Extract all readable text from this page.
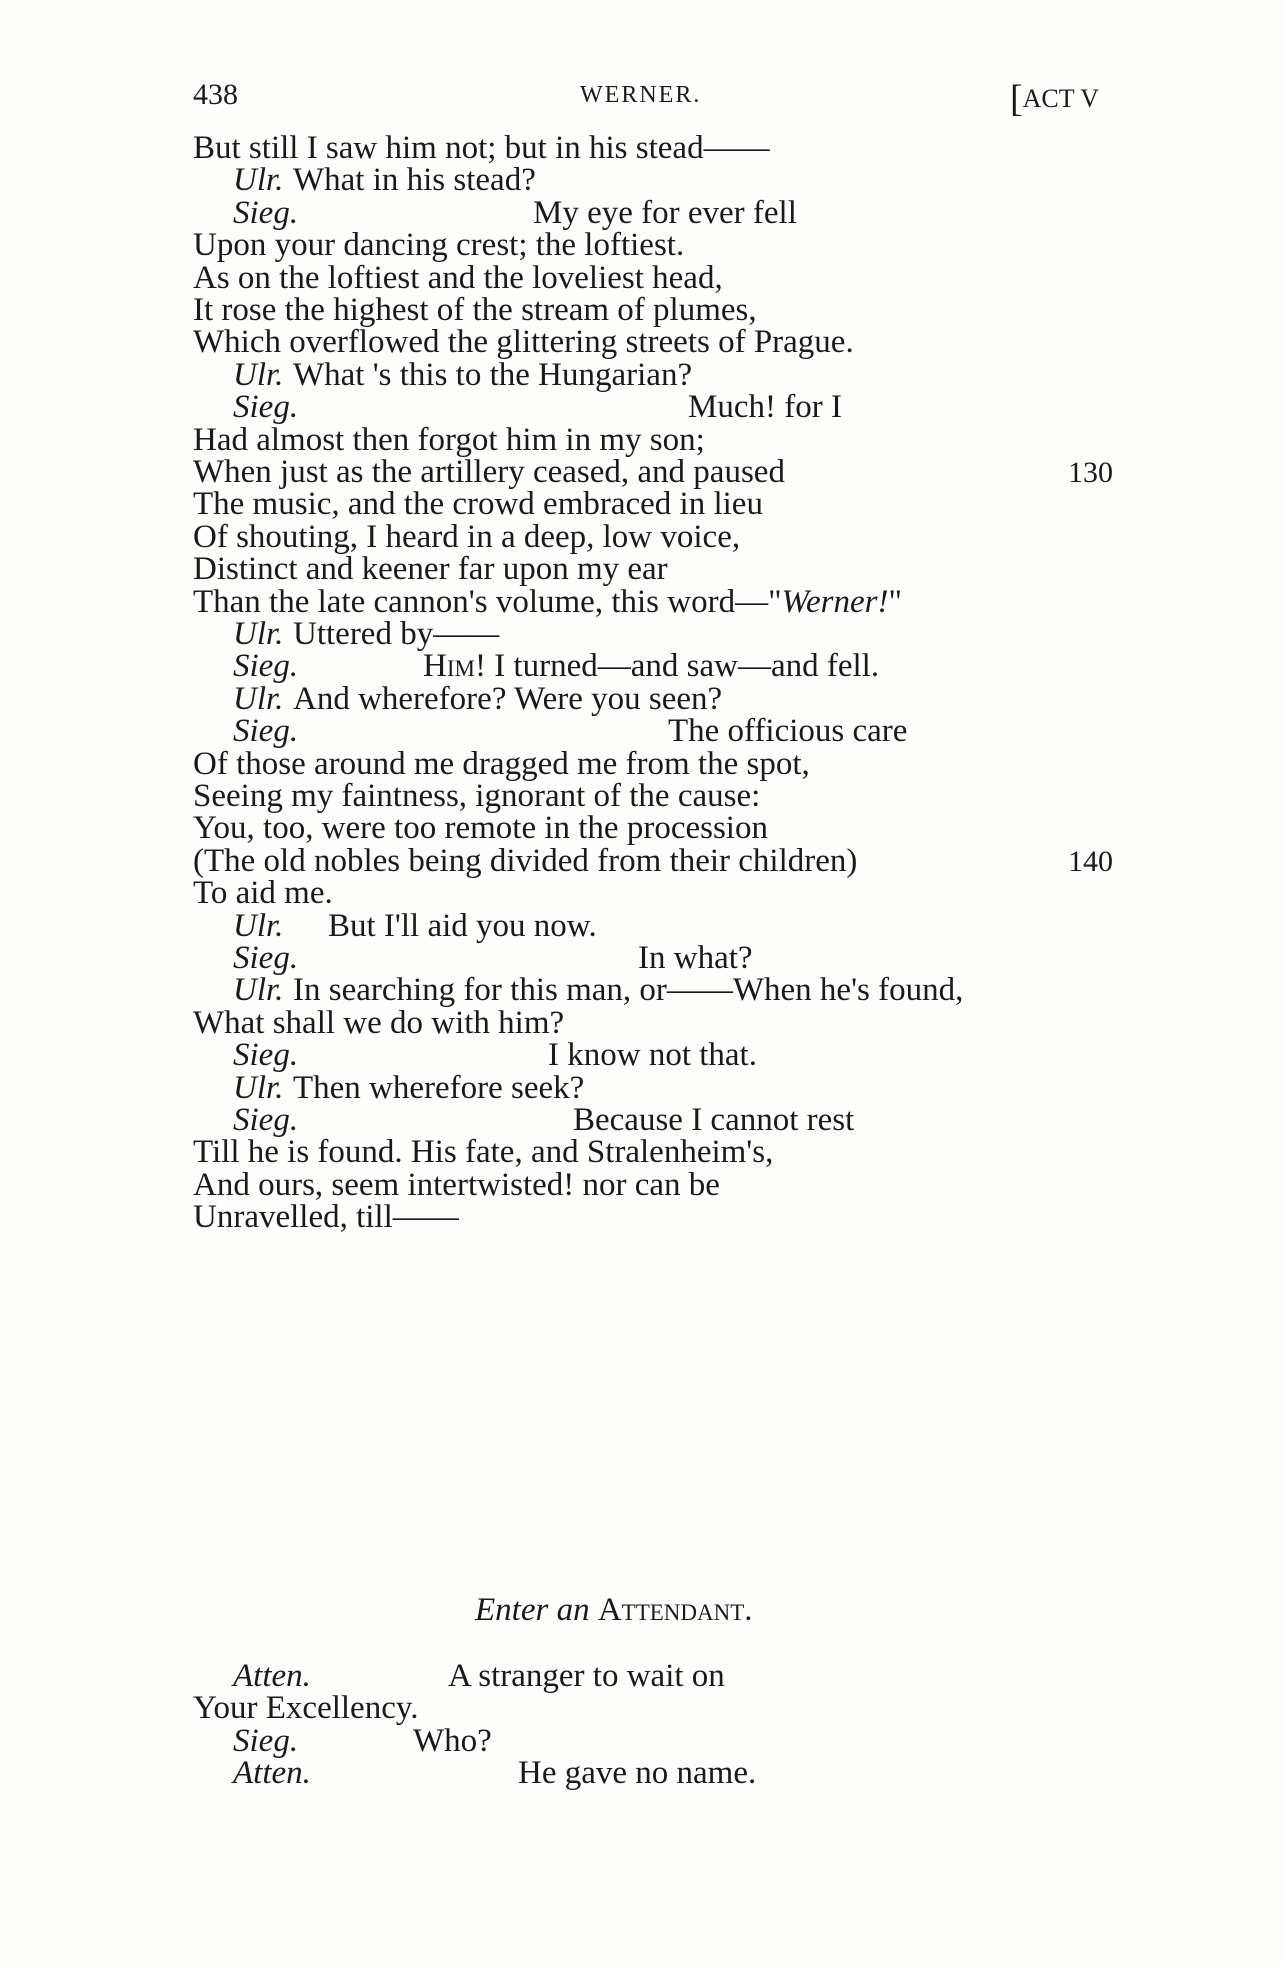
438	WERNER.	[ACT V
But still I saw him not; but in his stead——
Ulr. What in his stead?
Sieg.	My eye for ever fell
Upon your dancing crest; the loftiest.
As on the loftiest and the loveliest head,
It rose the highest of the stream of plumes,
Which overflowed the glittering streets of Prague.
Ulr. What 's this to the Hungarian?
Sieg.	Much! for I
Had almost then forgot him in my son;
When just as the artillery ceased, and paused	130
The music, and the crowd embraced in lieu
Of shouting, I heard in a deep, low voice,
Distinct and keener far upon my ear
Than the late cannon's volume, this word—"Werner!"
Ulr. Uttered by——
Sieg.	Him! I turned—and saw—and fell.
Ulr. And wherefore? Were you seen?
Sieg.	The officious care
Of those around me dragged me from the spot,
Seeing my faintness, ignorant of the cause:
You, too, were too remote in the procession
(The old nobles being divided from their children)	140
To aid me.
Ulr. But I'll aid you now.
Sieg.	In what?
Ulr. In searching for this man, or——When he's found,
What shall we do with him?
Sieg.	I know not that.
Ulr. Then wherefore seek?
Sieg.	Because I cannot rest
Till he is found. His fate, and Stralenheim's,
And ours, seem intertwisted! nor can be
Unravelled, till——
Enter an Attendant.
Atten.	A stranger to wait on
Your Excellency.
Sieg.	Who?
Atten.	He gave no name.
